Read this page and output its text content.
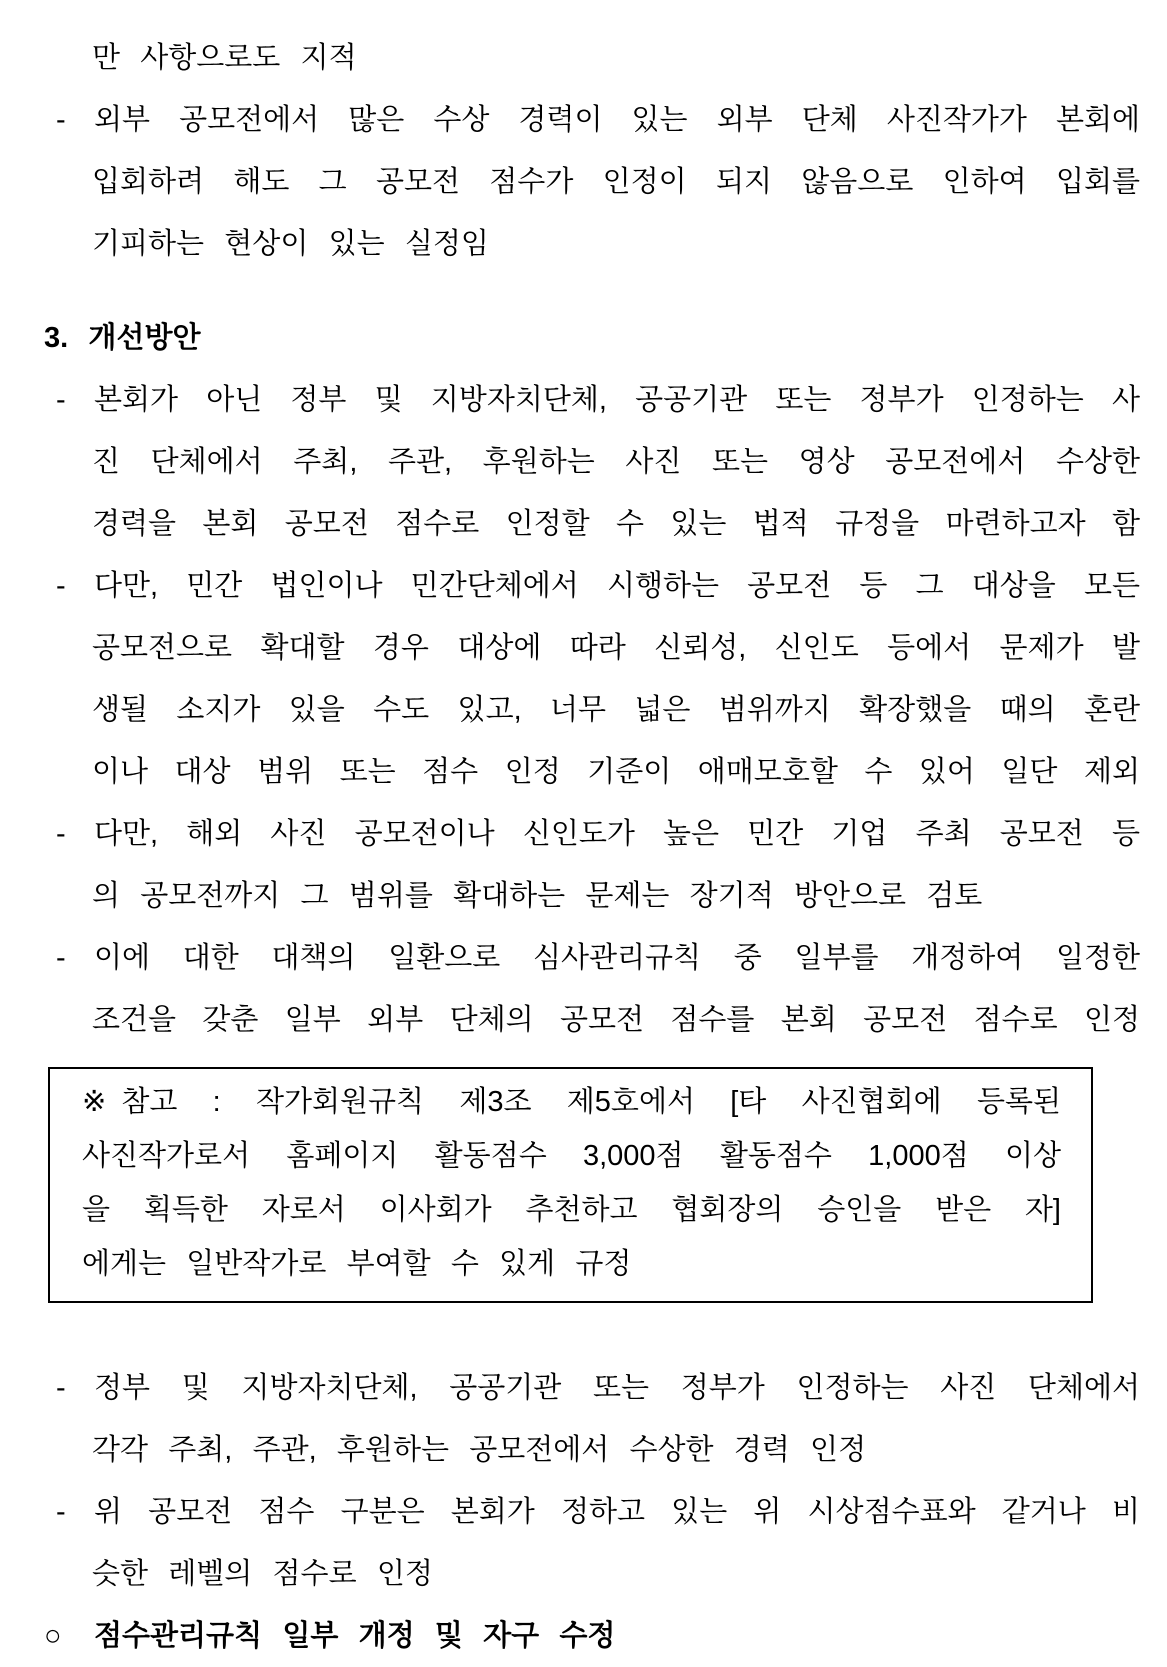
만 사항으로도 지적
- 외부 공모전에서 많은 수상 경력이 있는 외부 단체 사진작가가 본회에
입회하려 해도 그 공모전 점수가 인정이 되지 않음으로 인하여 입회를
기피하는 현상이 있는 실정임
3. 개선방안
- 본회가 아닌 정부 및 지방자치단체, 공공기관 또는 정부가 인정하는 사
진 단체에서 주최, 주관, 후원하는 사진 또는 영상 공모전에서 수상한
경력을 본회 공모전 점수로 인정할 수 있는 법적 규정을 마련하고자 함
- 다만, 민간 법인이나 민간단체에서 시행하는 공모전 등 그 대상을 모든
공모전으로 확대할 경우 대상에 따라 신뢰성, 신인도 등에서 문제가 발
생될 소지가 있을 수도 있고, 너무 넓은 범위까지 확장했을 때의 혼란
이나 대상 범위 또는 점수 인정 기준이 애매모호할 수 있어 일단 제외
- 다만, 해외 사진 공모전이나 신인도가 높은 민간 기업 주최 공모전 등
의 공모전까지 그 범위를 확대하는 문제는 장기적 방안으로 검토
- 이에 대한 대책의 일환으로 심사관리규칙 중 일부를 개정하여 일정한
조건을 갖춘 일부 외부 단체의 공모전 점수를 본회 공모전 점수로 인정
※참고 : 작가회원규칙 제3조 제5호에서 [타 사진협회에 등록된
사진작가로서 홈페이지 활동점수 3,000점 활동점수 1,000점 이상
을 획득한 자로서 이사회가 추천하고 협회장의 승인을 받은 자]
에게는 일반작가로 부여할 수 있게 규정
- 정부 및 지방자치단체, 공공기관 또는 정부가 인정하는 사진 단체에서
각각 주최, 주관, 후원하는 공모전에서 수상한 경력 인정
- 위 공모전 점수 구분은 본회가 정하고 있는 위 시상점수표와 같거나 비
슷한 레벨의 점수로 인정
○	점수관리규칙 일부 개정 및 자구 수정
